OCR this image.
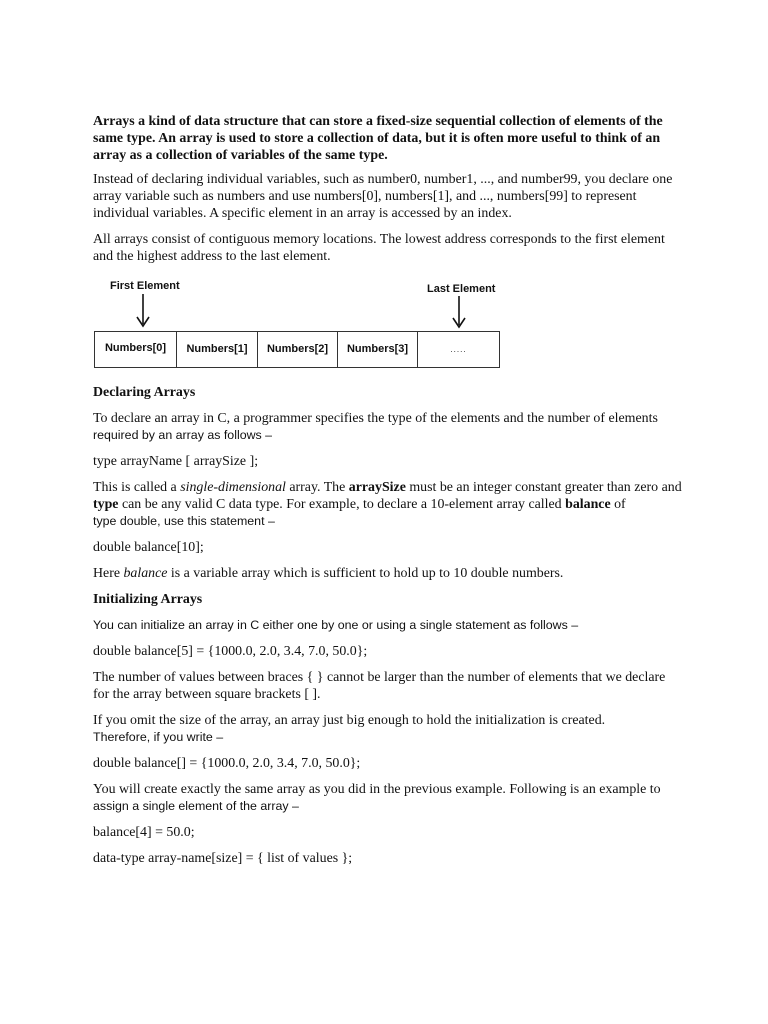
Arrays a kind of data structure that can store a fixed-size sequential collection of elements of the same type. An array is used to store a collection of data, but it is often more useful to think of an array as a collection of variables of the same type.

Instead of declaring individual variables, such as number0, number1, ..., and number99, you declare one array variable such as numbers and use numbers[0], numbers[1], and ..., numbers[99] to represent individual variables. A specific element in an array is accessed by an index.

All arrays consist of contiguous memory locations. The lowest address corresponds to the first element and the highest address to the last element.

First Element	Last Element
Numbers[0]	Numbers[1]	Numbers[2]	Numbers[3]	.....

Declaring Arrays

To declare an array in C, a programmer specifies the type of the elements and the number of elements
required by an array as follows –

type arrayName [ arraySize ];

This is called a single-dimensional array. The arraySize must be an integer constant greater than zero and type can be any valid C data type. For example, to declare a 10-element array called balance of
type double, use this statement –

double balance[10];

Here balance is a variable array which is sufficient to hold up to 10 double numbers.

Initializing Arrays

You can initialize an array in C either one by one or using a single statement as follows –

double balance[5] = {1000.0, 2.0, 3.4, 7.0, 50.0};

The number of values between braces { } cannot be larger than the number of elements that we declare for the array between square brackets [ ].

If you omit the size of the array, an array just big enough to hold the initialization is created.
Therefore, if you write –

double balance[] = {1000.0, 2.0, 3.4, 7.0, 50.0};

You will create exactly the same array as you did in the previous example. Following is an example to
assign a single element of the array –

balance[4] = 50.0;

data-type array-name[size] = { list of values };
